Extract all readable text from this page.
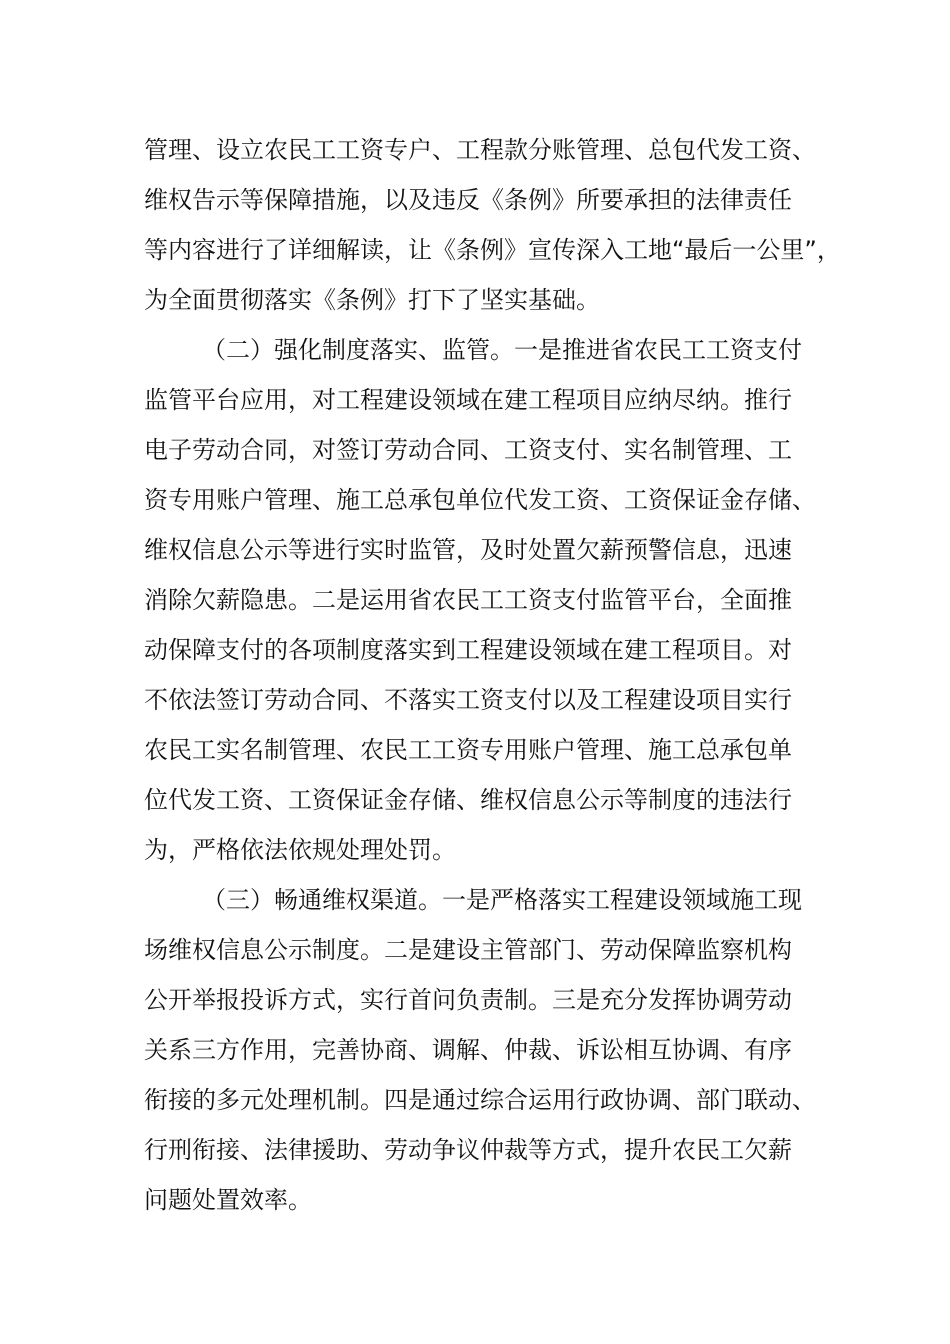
管理、设立农民工工资专户、工程款分账管理、总包代发工资、
维权告示等保障措施，以及违反《条例》所要承担的法律责任
等内容进行了详细解读，让《条例》宣传深入工地“最后一公里”，
为全面贯彻落实《条例》打下了坚实基础。
（二）强化制度落实、监管。一是推进省农民工工资支付
监管平台应用，对工程建设领域在建工程项目应纳尽纳。推行
电子劳动合同，对签订劳动合同、工资支付、实名制管理、工
资专用账户管理、施工总承包单位代发工资、工资保证金存储、
维权信息公示等进行实时监管，及时处置欠薪预警信息，迅速
消除欠薪隐患。二是运用省农民工工资支付监管平台，全面推
动保障支付的各项制度落实到工程建设领域在建工程项目。对
不依法签订劳动合同、不落实工资支付以及工程建设项目实行
农民工实名制管理、农民工工资专用账户管理、施工总承包单
位代发工资、工资保证金存储、维权信息公示等制度的违法行
为，严格依法依规处理处罚。
（三）畅通维权渠道。一是严格落实工程建设领域施工现
场维权信息公示制度。二是建设主管部门、劳动保障监察机构
公开举报投诉方式，实行首问负责制。三是充分发挥协调劳动
关系三方作用，完善协商、调解、仲裁、诉讼相互协调、有序
衔接的多元处理机制。四是通过综合运用行政协调、部门联动、
行刑衔接、法律援助、劳动争议仲裁等方式，提升农民工欠薪
问题处置效率。
